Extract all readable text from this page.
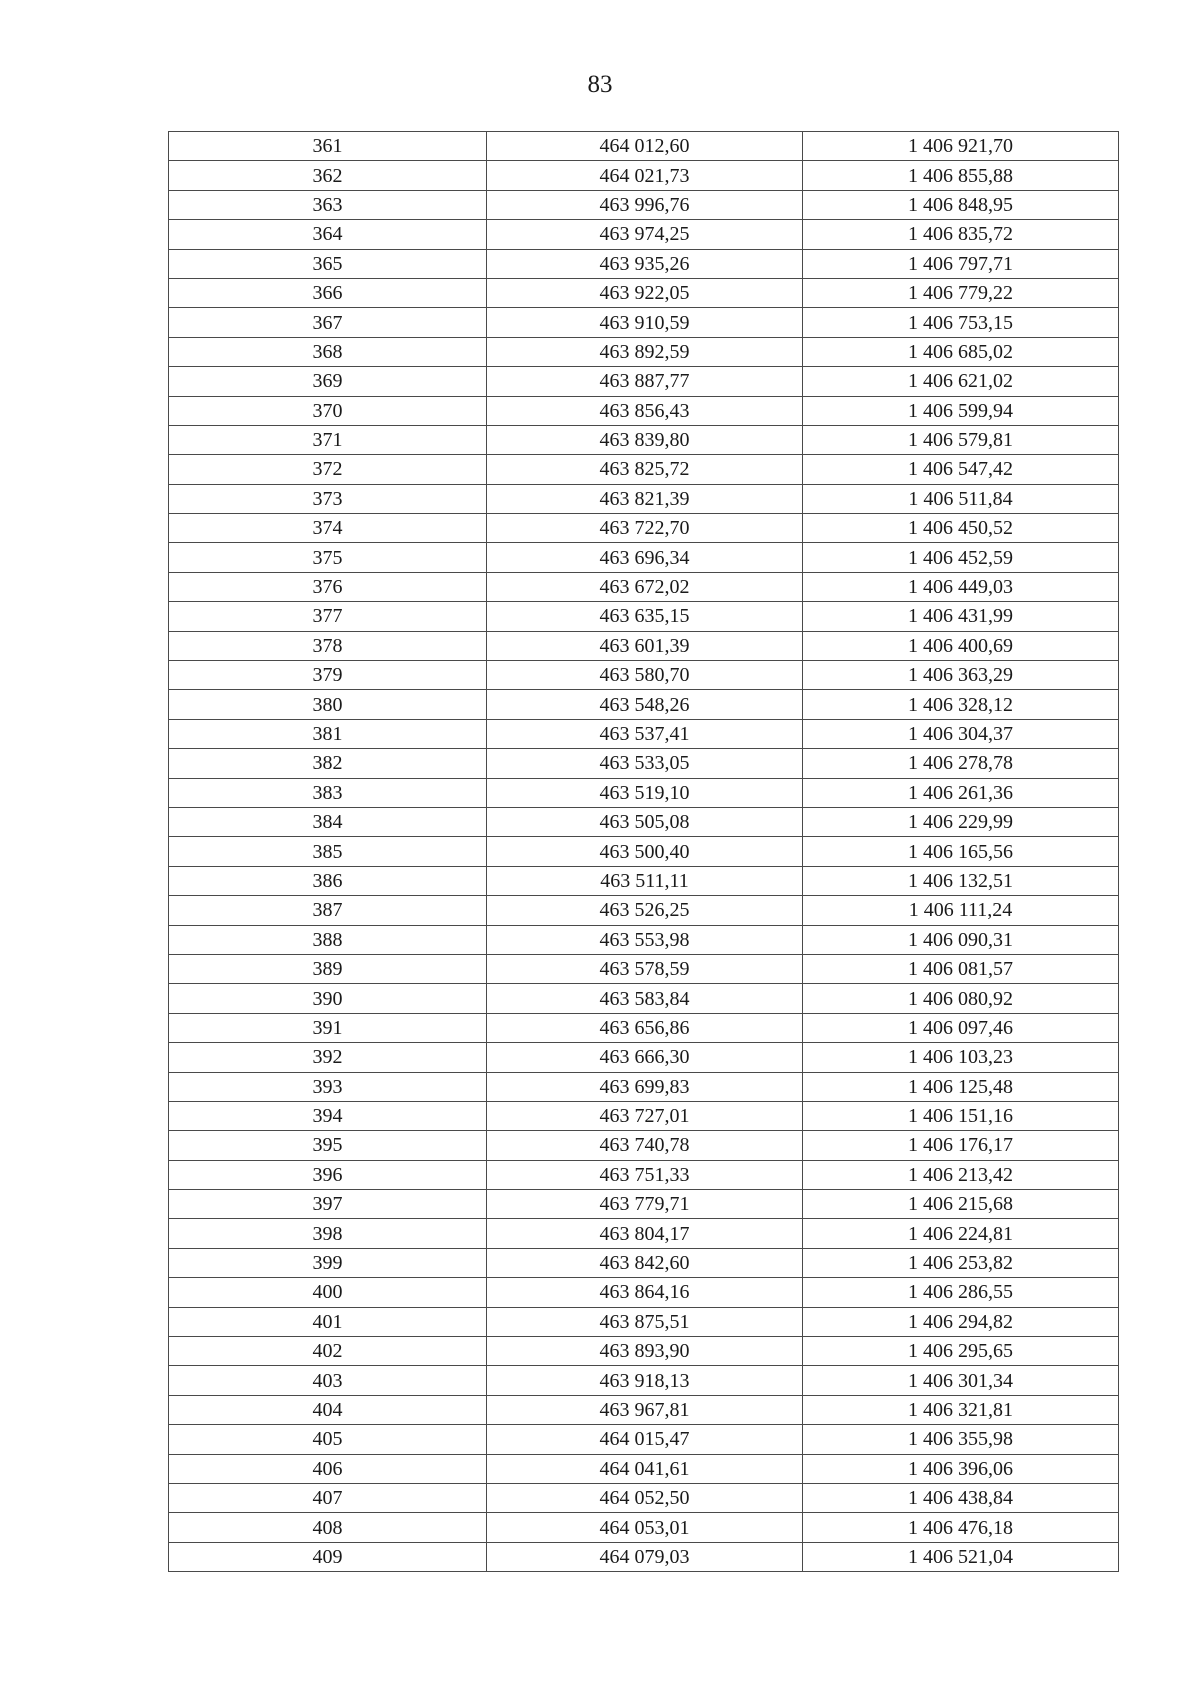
83
361	464 012,60	1 406 921,70
362	464 021,73	1 406 855,88
363	463 996,76	1 406 848,95
364	463 974,25	1 406 835,72
365	463 935,26	1 406 797,71
366	463 922,05	1 406 779,22
367	463 910,59	1 406 753,15
368	463 892,59	1 406 685,02
369	463 887,77	1 406 621,02
370	463 856,43	1 406 599,94
371	463 839,80	1 406 579,81
372	463 825,72	1 406 547,42
373	463 821,39	1 406 511,84
374	463 722,70	1 406 450,52
375	463 696,34	1 406 452,59
376	463 672,02	1 406 449,03
377	463 635,15	1 406 431,99
378	463 601,39	1 406 400,69
379	463 580,70	1 406 363,29
380	463 548,26	1 406 328,12
381	463 537,41	1 406 304,37
382	463 533,05	1 406 278,78
383	463 519,10	1 406 261,36
384	463 505,08	1 406 229,99
385	463 500,40	1 406 165,56
386	463 511,11	1 406 132,51
387	463 526,25	1 406 111,24
388	463 553,98	1 406 090,31
389	463 578,59	1 406 081,57
390	463 583,84	1 406 080,92
391	463 656,86	1 406 097,46
392	463 666,30	1 406 103,23
393	463 699,83	1 406 125,48
394	463 727,01	1 406 151,16
395	463 740,78	1 406 176,17
396	463 751,33	1 406 213,42
397	463 779,71	1 406 215,68
398	463 804,17	1 406 224,81
399	463 842,60	1 406 253,82
400	463 864,16	1 406 286,55
401	463 875,51	1 406 294,82
402	463 893,90	1 406 295,65
403	463 918,13	1 406 301,34
404	463 967,81	1 406 321,81
405	464 015,47	1 406 355,98
406	464 041,61	1 406 396,06
407	464 052,50	1 406 438,84
408	464 053,01	1 406 476,18
409	464 079,03	1 406 521,04
